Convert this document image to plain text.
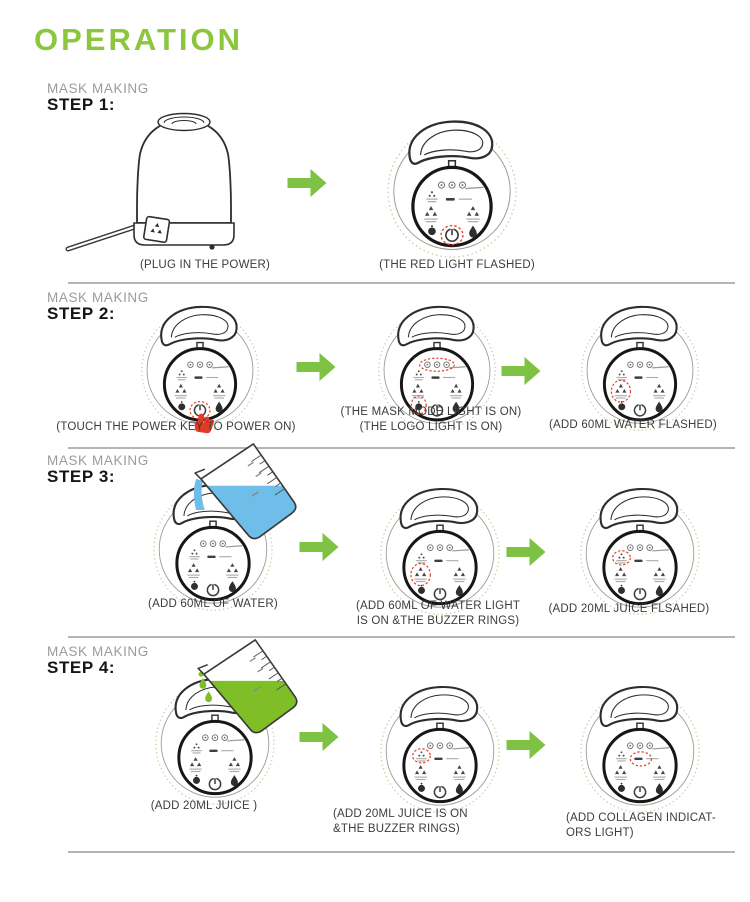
OPERATION
MASK MAKING
STEP 1:
(PLUG IN THE POWER)	(THE RED LIGHT FLASHED)
MASK MAKING
STEP 2:
(TOUCH THE POWER KEY TO POWER ON)
(THE MASK MODE LIGHT IS ON)
(THE LOGO LIGHT IS ON)	(ADD 60ML WATER FLASHED)
MASK MAKING
STEP 3:
(ADD 60ML OF WATER)	(ADD 60ML OF WATER LIGHT
IS ON &THE BUZZER RINGS)
(ADD 20ML JUICE FLSAHED)
MASK MAKING
STEP 4:
(ADD 20ML JUICE )
(ADD 20ML JUICE IS ON
&THE BUZZER RINGS)
(ADD COLLAGEN INDICAT-
ORS LIGHT)
